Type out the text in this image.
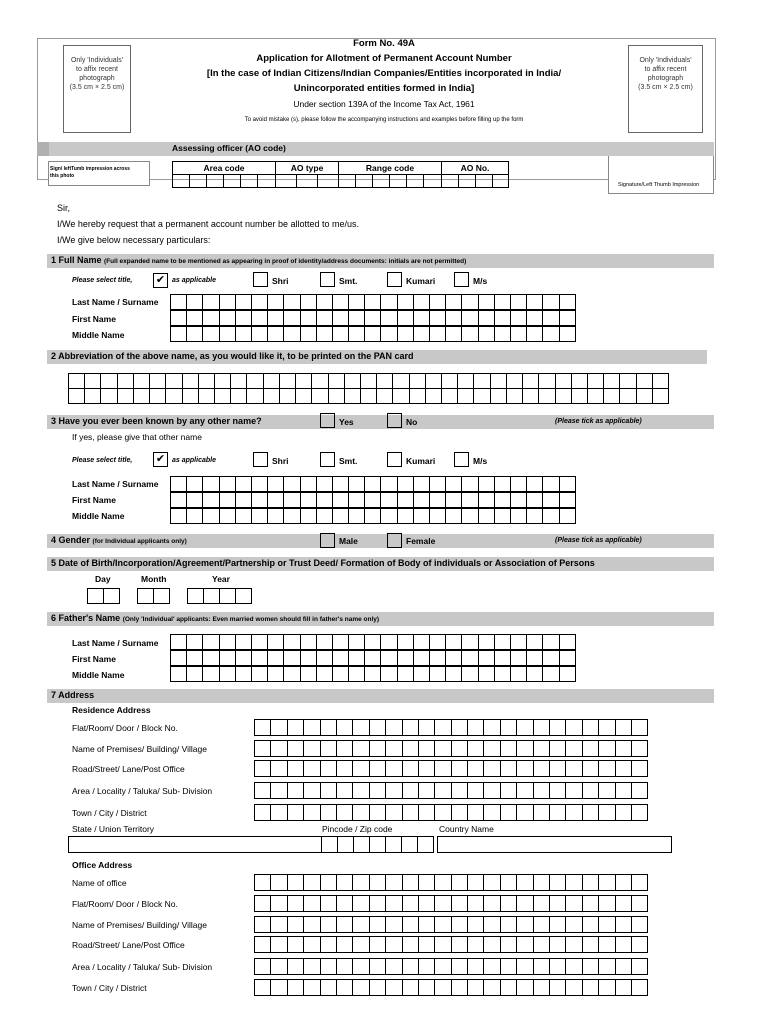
Only 'Individuals'
to affix recent
photograph
(3.5 cm × 2.5 cm)
Only 'Individuals'
to affix recent
photograph
(3.5 cm × 2.5 cm)
Form No. 49A
Application for Allotment of Permanent Account Number
[In the case of Indian Citizens/Indian Companies/Entities incorporated in India/
Unincorporated entities formed in India]
Under section 139A of the Income Tax Act, 1961
To avoid mistake (s), please follow the accompanying instructions and examples before filling up the form
Assessing officer (AO code)
Sign/ leftTumb impression across
this photo
Signature/Left Thumb Impression
Area code						AO type			Range code						AO No.			

Sir,
I/We hereby request that a permanent account number be allotted to me/us.
I/We give below necessary particulars:
1 Full Name (Full expanded name to be mentioned as appearing in proof of identity/address documents: initials are not permitted)
Please select title, ✔ as applicable	Shri	Smt.	Kumari	M/s
Last Name / Surname
First Name
Middle Name
2 Abbreviation of the above name, as you would like it, to be printed on the PAN card
3 Have you ever been known by any other name?	Yes	No	(Please tick as applicable)
If yes, please give that other name
Please select title, ✔ as applicable	Shri	Smt.	Kumari	M/s
Last Name / Surname
First Name
Middle Name
4 Gender (for Individual applicants only)	Male	Female	(Please tick as applicable)
5 Date of Birth/Incorporation/Agreement/Partnership or Trust Deed/ Formation of Body of individuals or Association of Persons
Day	Month	Year
6 Father's Name (Only 'Individual' applicants: Even married women should fill in father's name only)
Last Name / Surname
First Name
Middle Name
7 Address
Residence Address
Flat/Room/ Door / Block No.
Name of Premises/ Building/ Village
Road/Street/ Lane/Post Office
Area / Locality / Taluka/ Sub- Division
Town / City / District
State / Union Territory	Pincode / Zip code	Country Name
Office Address
Name of office
Flat/Room/ Door / Block No.
Name of Premises/ Building/ Village
Road/Street/ Lane/Post Office
Area / Locality / Taluka/ Sub- Division
Town / City / District
